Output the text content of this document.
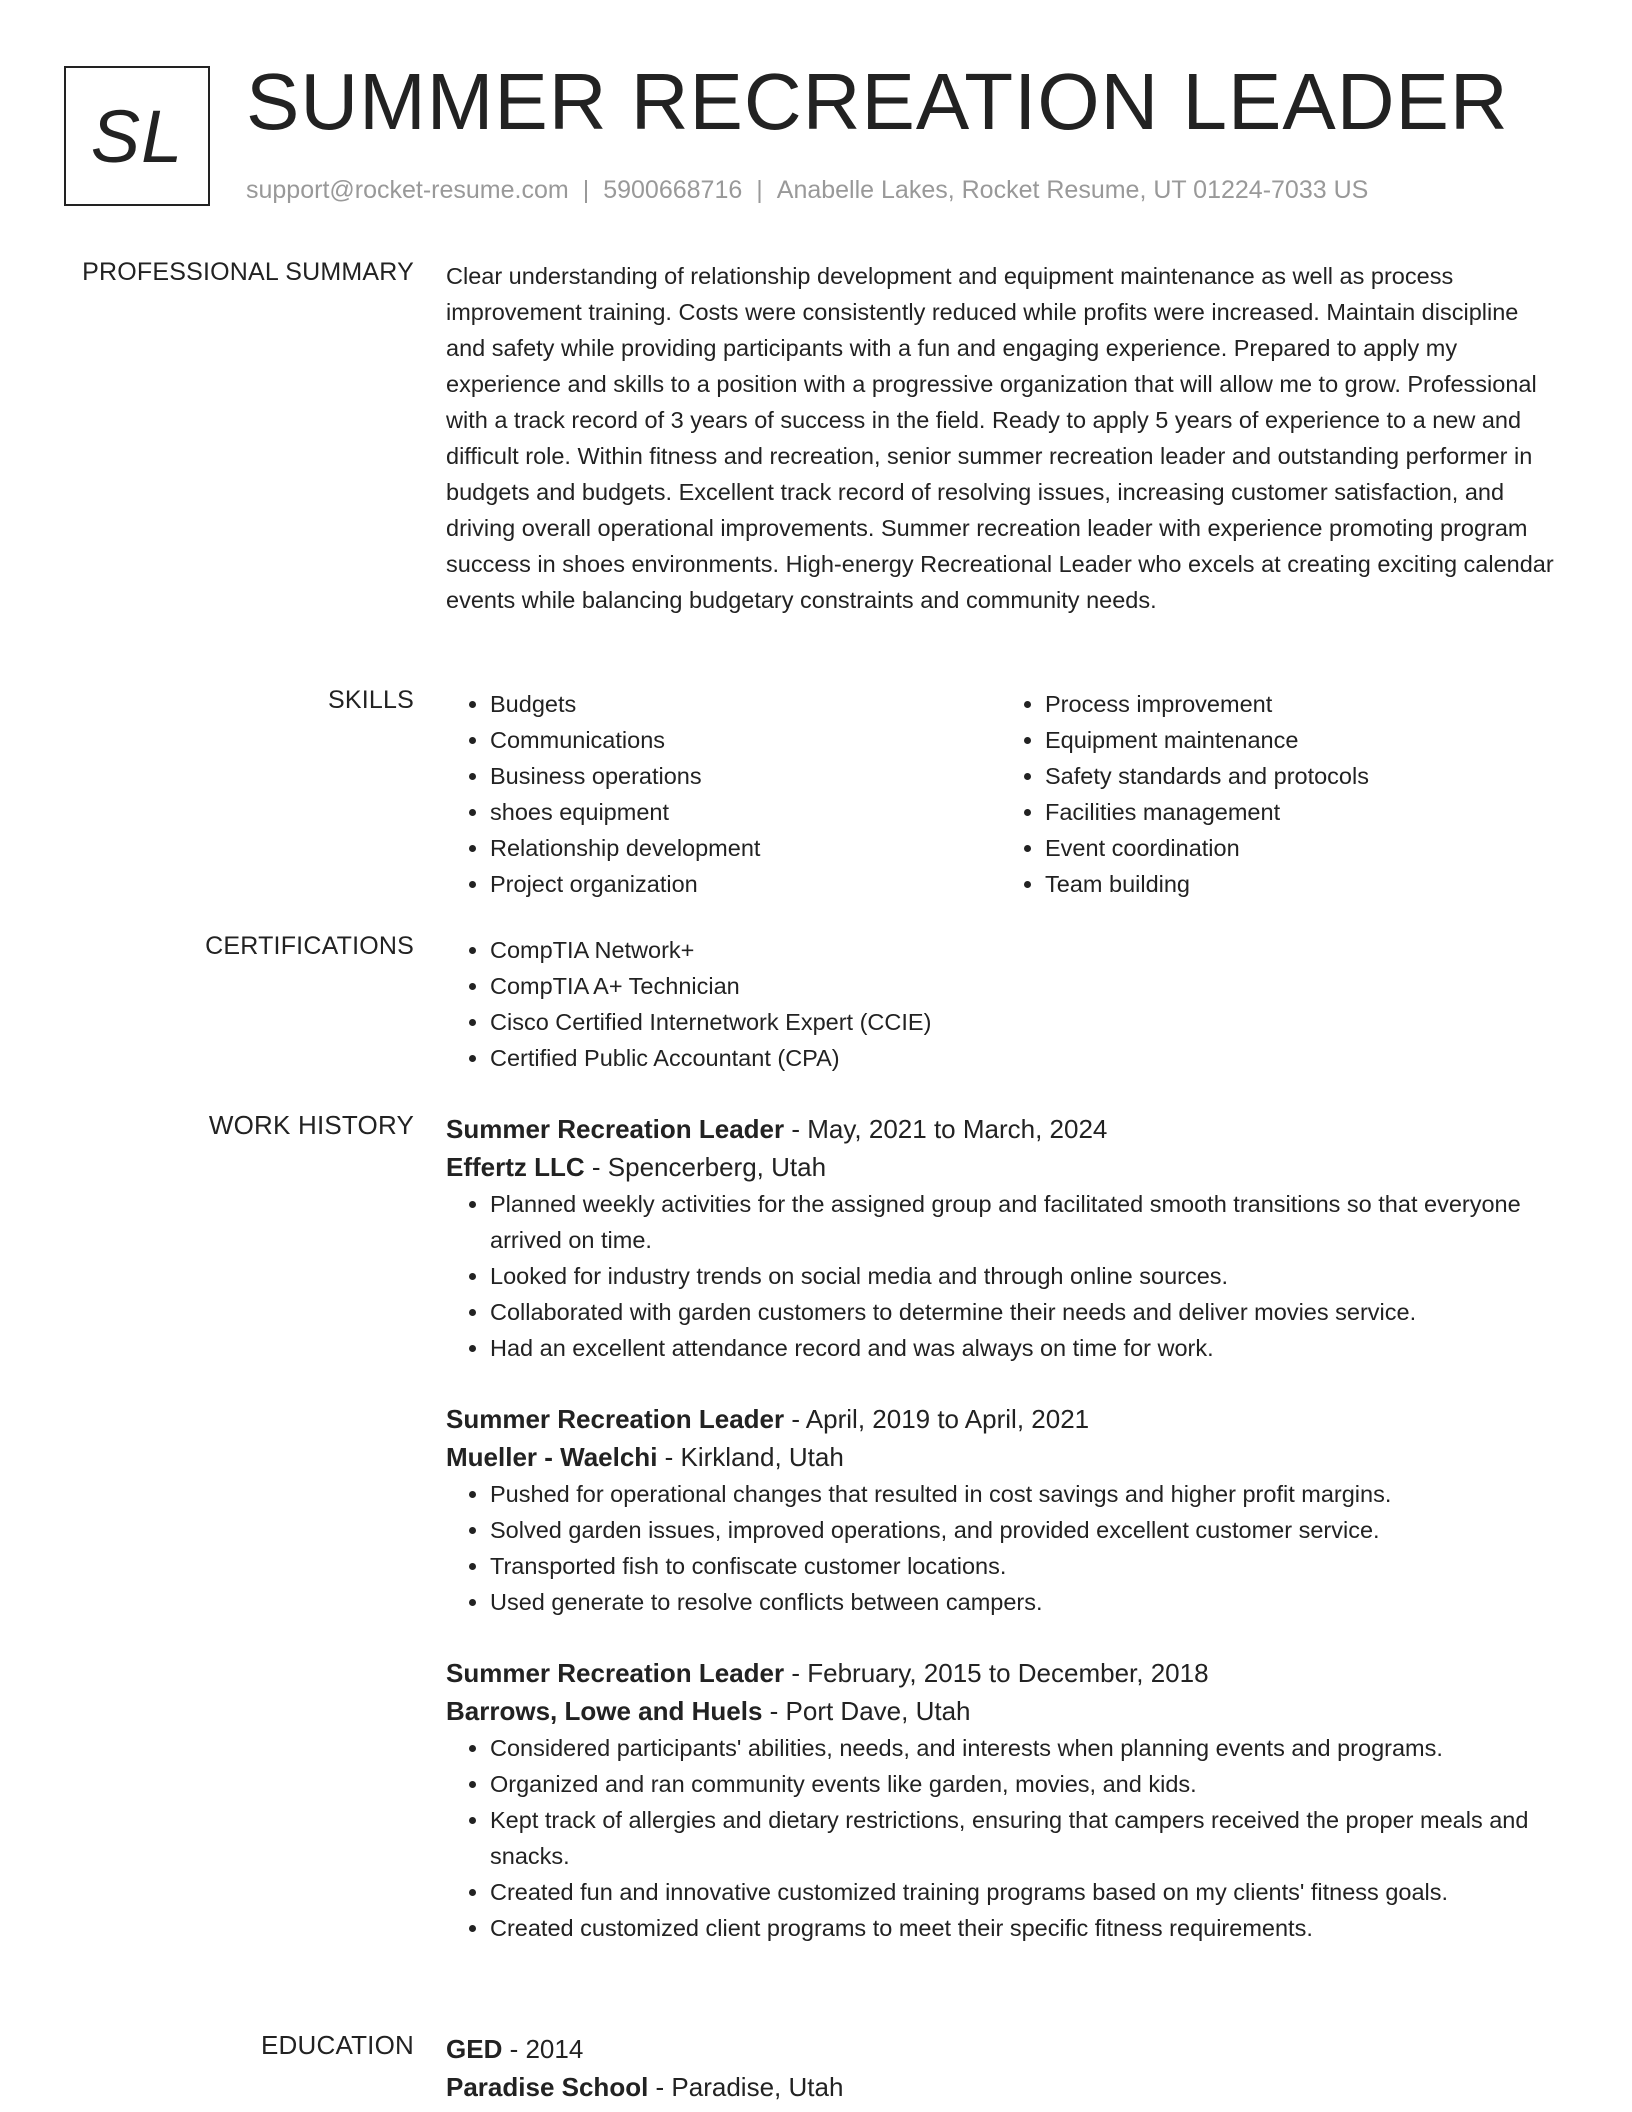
SL SUMMER RECREATION LEADER
support@rocket-resume.com | 5900668716 | Anabelle Lakes, Rocket Resume, UT 01224-7033 US
PROFESSIONAL SUMMARY Clear understanding of relationship development and equipment maintenance as well as process improvement training. Costs were consistently reduced while profits were increased. Maintain discipline and safety while providing participants with a fun and engaging experience. Prepared to apply my experience and skills to a position with a progressive organization that will allow me to grow. Professional with a track record of 3 years of success in the field. Ready to apply 5 years of experience to a new and difficult role. Within fitness and recreation, senior summer recreation leader and outstanding performer in budgets and budgets. Excellent track record of resolving issues, increasing customer satisfaction, and driving overall operational improvements. Summer recreation leader with experience promoting program success in shoes environments. High-energy Recreational Leader who excels at creating exciting calendar events while balancing budgetary constraints and community needs.

SKILLS	• Budgets
• Communications
• Business operations
• shoes equipment
• Relationship development
• Project organization
• Process improvement
• Equipment maintenance
• Safety standards and protocols
• Facilities management
• Event coordination
• Team building
CERTIFICATIONS	• CompTIA Network+
• CompTIA A+ Technician
• Cisco Certified Internetwork Expert (CCIE)
• Certified Public Accountant (CPA)
WORK HISTORY Summer Recreation Leader - May, 2021 to March, 2024
Effertz LLC - Spencerberg, Utah
• Planned weekly activities for the assigned group and facilitated smooth transitions so that everyone arrived on time.
• Looked for industry trends on social media and through online sources.
• Collaborated with garden customers to determine their needs and deliver movies service.
• Had an excellent attendance record and was always on time for work.
Summer Recreation Leader - April, 2019 to April, 2021
Mueller - Waelchi - Kirkland, Utah
• Pushed for operational changes that resulted in cost savings and higher profit margins.
• Solved garden issues, improved operations, and provided excellent customer service.
• Transported fish to confiscate customer locations.
• Used generate to resolve conflicts between campers.
Summer Recreation Leader - February, 2015 to December, 2018
Barrows, Lowe and Huels - Port Dave, Utah
• Considered participants' abilities, needs, and interests when planning events and programs.
• Organized and ran community events like garden, movies, and kids.
• Kept track of allergies and dietary restrictions, ensuring that campers received the proper meals and snacks.
• Created fun and innovative customized training programs based on my clients' fitness goals.
• Created customized client programs to meet their specific fitness requirements.
EDUCATION GED - 2014
Paradise School - Paradise, Utah
